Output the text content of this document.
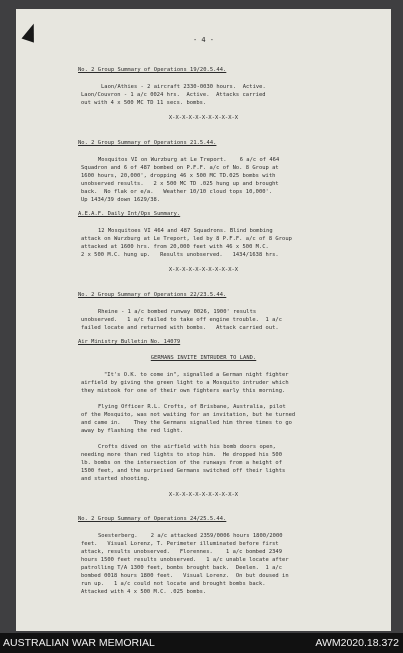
- 4 -
No. 2 Group Summary of Operations 19/20.5.44.
Laon/Athies - 2 aircraft 2330-0030 hours.  Active.
Laon/Couvron - 1 a/c 0024 hrs.  Active.  Attacks carried
out with 4 x 500 MC TD 11 secs. bombs.
X-X-X-X-X-X-X-X-X-X-X
No. 2 Group Summary of Operations 21.5.44.
Mosquitos VI on Wurzburg at Le Treport.    6 a/c of 464
Squadron and 6 of 487 bombed on P.F.F. a/c of No. 8 Group at
1600 hours, 20,000', dropping 46 x 500 MC TD.025 bombs with
unobserved results.   2 x 500 MC TD .025 hung up and brought
back.  No flak or e/a.   Weather 10/10 cloud tops 10,000'.
Up 1434/39 down 1629/38.
A.E.A.F. Daily Int/Ops Summary.
12 Mosquitoes VI 464 and 487 Squadrons. Blind bombing
attack on Wurzburg at Le Treport, led by 8 P.F.F. a/c of 8 Group
attacked at 1600 hrs. from 20,000 feet with 46 x 500 M.C.
2 x 500 M.C. hung up.   Results unobserved.   1434/1638 hrs.
X-X-X-X-X-X-X-X-X-X-X
No. 2 Group Summary of Operations 22/23.5.44.
Rheine - 1 a/c bombed runway 0026, 1900' results
unobserved.   1 a/c failed to take off engine trouble.  1 a/c
failed locate and returned with bombs.   Attack carried out.
Air Ministry Bulletin No. 14079
GERMANS INVITE INTRUDER TO LAND.
"It's O.K. to come in", signalled a German night fighter
airfield by giving the green light to a Mosquito intruder which
they mistook for one of their own fighters early this morning.
Flying Officer R.L. Crofts, of Brisbane, Australia, pilot
of the Mosquito, was not waiting for an invitation, but he turned
and came in.    They the Germans signalled him three times to go
away by flashing the red light.
Crofts dived on the airfield with his bomb doors open,
needing more than red lights to stop him.  He dropped his 500
lb. bombs on the intersection of the runways from a height of
1500 feet, and the surprised Germans switched off their lights
and started shooting.
X-X-X-X-X-X-X-X-X-X-X
No. 2 Group Summary of Operations 24/25.5.44.
Soesterberg.    2 a/c attacked 2359/0006 hours 1800/2000
feet.   Visual Lorenz, T. Perimeter illuminated before first
attack, results unobserved.   Florennes.    1 a/c bombed 2349
hours 1500 feet results unobserved.   1 a/c unable locate after
patrolling T/A 1300 feet, bombs brought back.  Deelen.  1 a/c
bombed 0018 hours 1800 feet.   Visual Lorenz.  On but doused in
run up.   1 a/c could not locate and brought bombs back.
Attacked with 4 x 500 M.C. .025 bombs.
AUSTRALIAN WAR MEMORIAL	AWM2020.18.372
